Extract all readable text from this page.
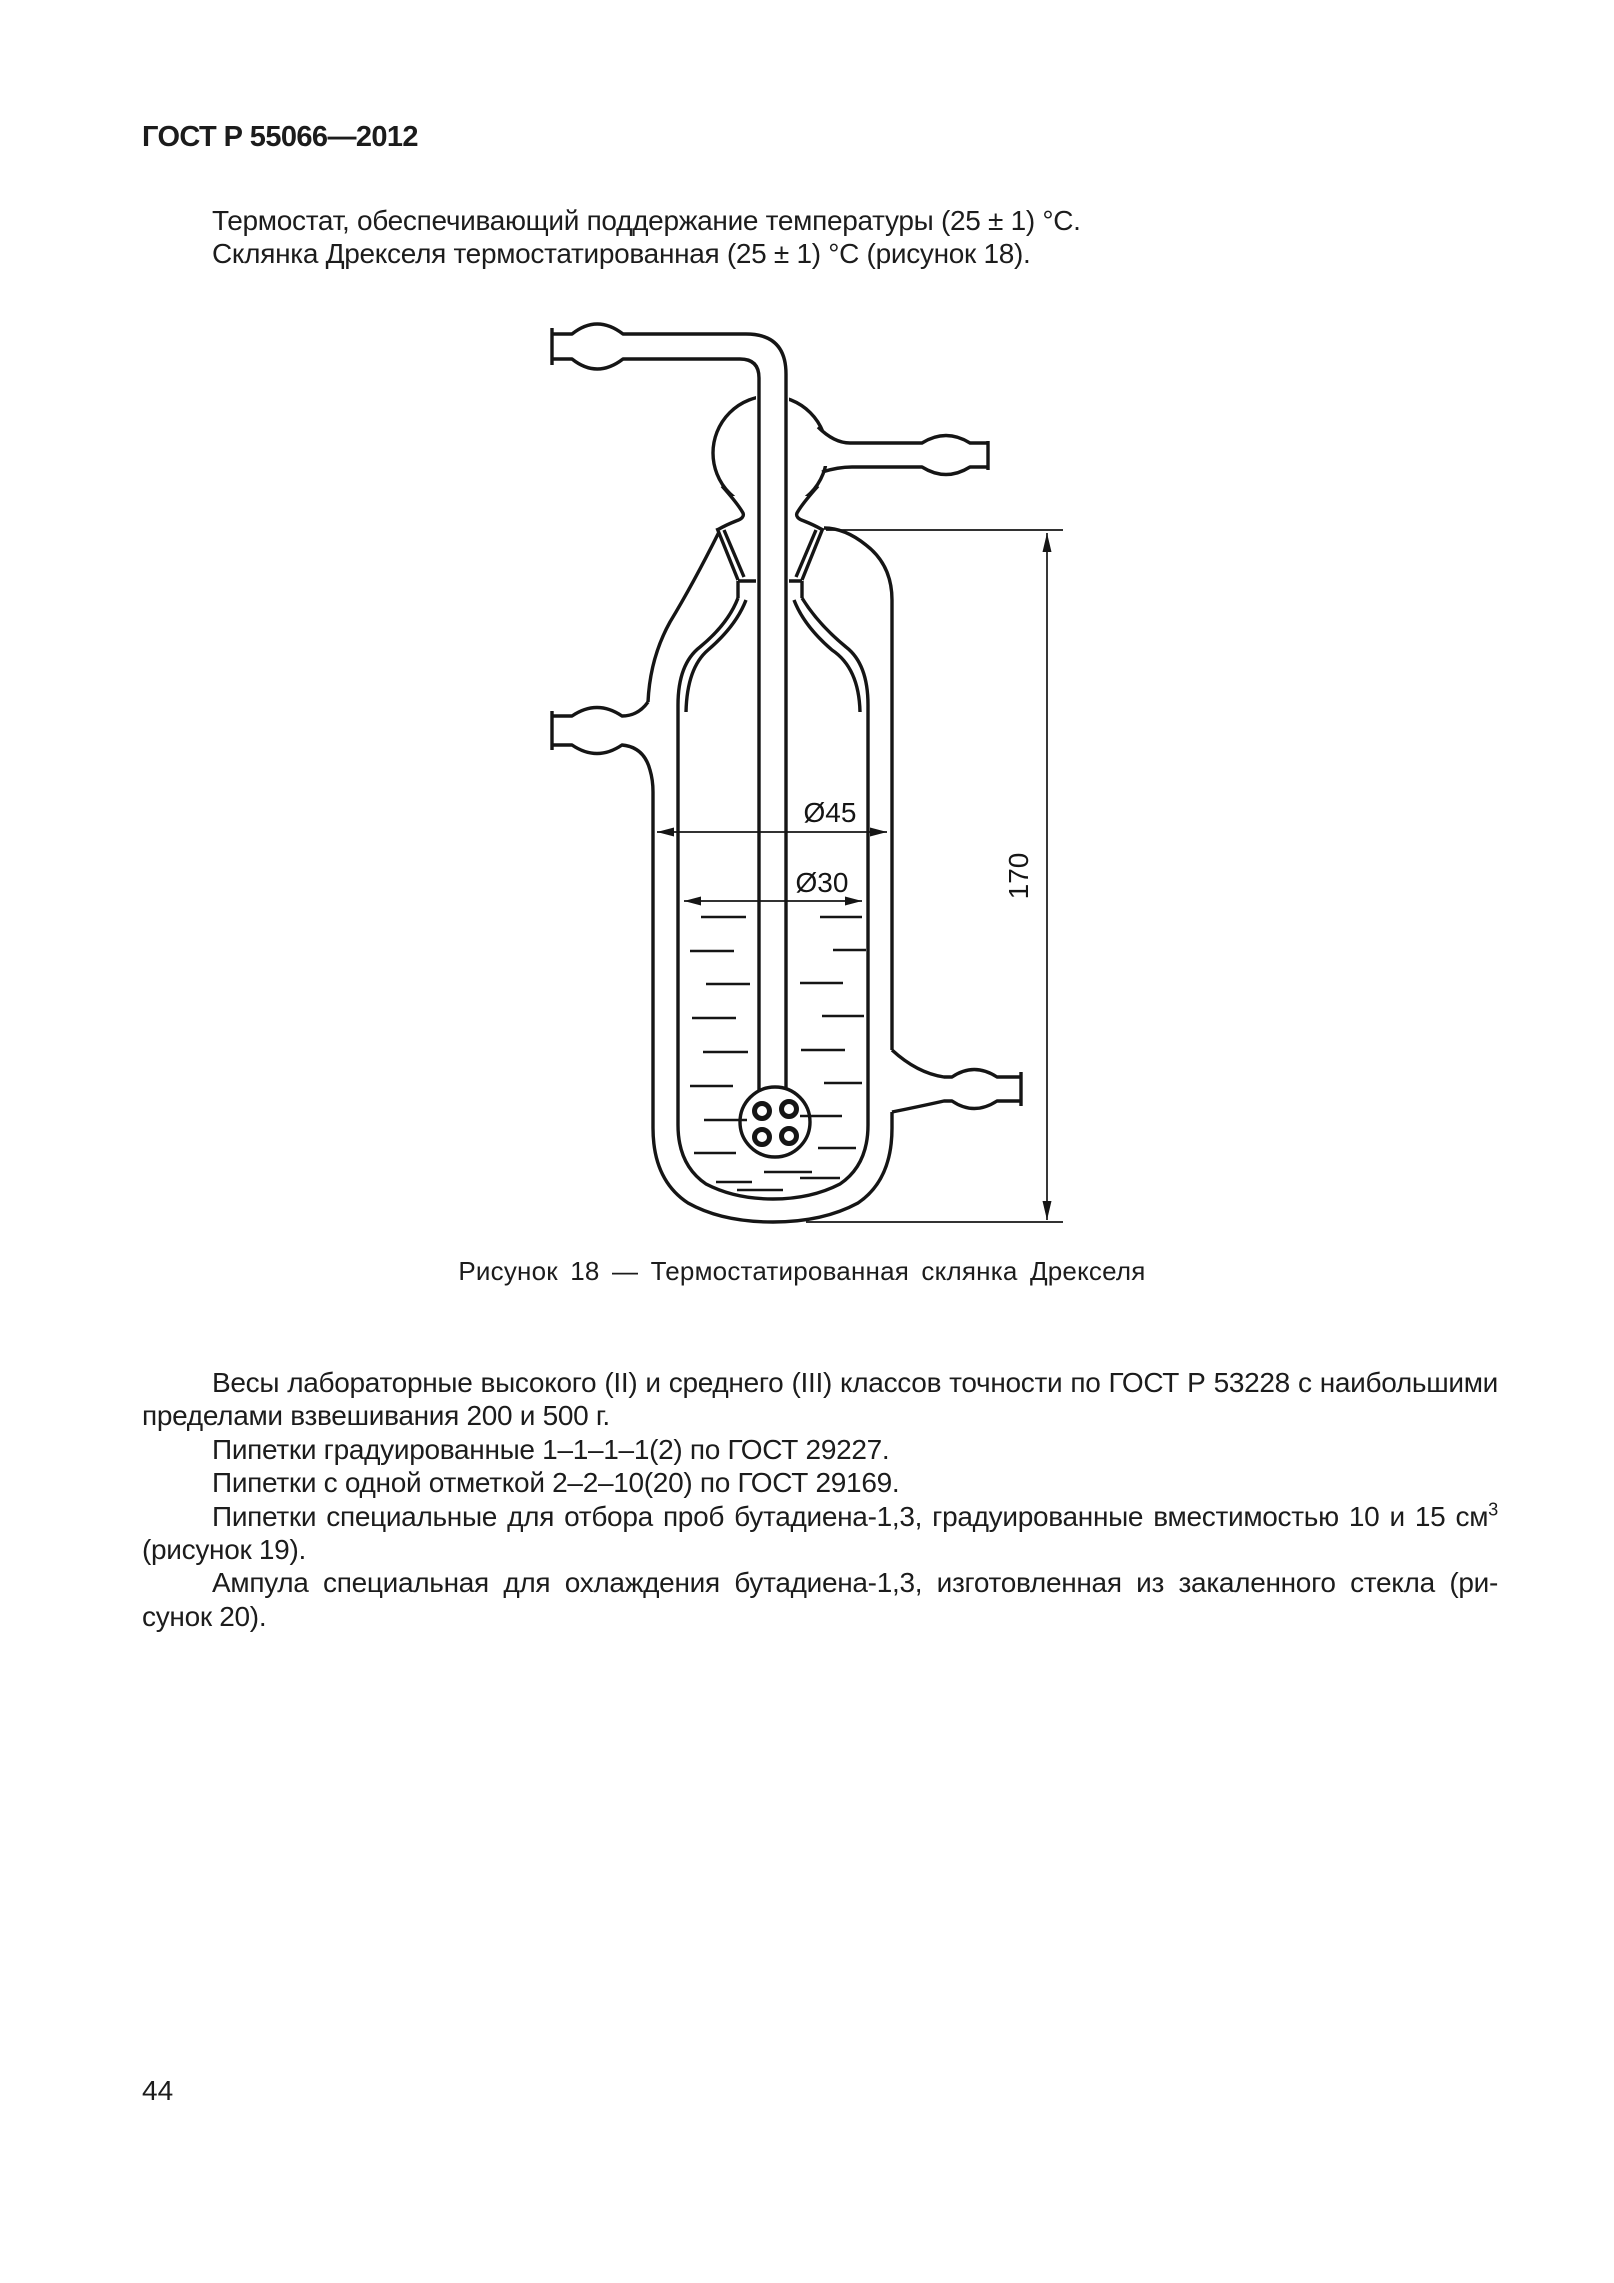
ГОСТ Р 55066—2012
Термостат, обеспечивающий поддержание температуры (25 ± 1) °С.
Склянка Дрекселя термостатированная (25 ± 1) °С (рисунок 18).
Ø45
Ø30	170
Рисунок 18 — Термостатированная склянка Дрекселя
Весы лабораторные высокого (II) и среднего (III) классов точности по ГОСТ Р 53228 с наибольшими
пределами взвешивания 200 и 500 г.
Пипетки градуированные 1–1–1–1(2) по ГОСТ 29227.
Пипетки с одной отметкой 2–2–10(20) по ГОСТ 29169.
Пипетки специальные для отбора проб бутадиена-1,3, градуированные вместимостью 10 и 15 $см^3$
(рисунок 19).
Ампула специальная для охлаждения бутадиена-1,3, изготовленная из закаленного стекла (ри-
сунок 20).
44
